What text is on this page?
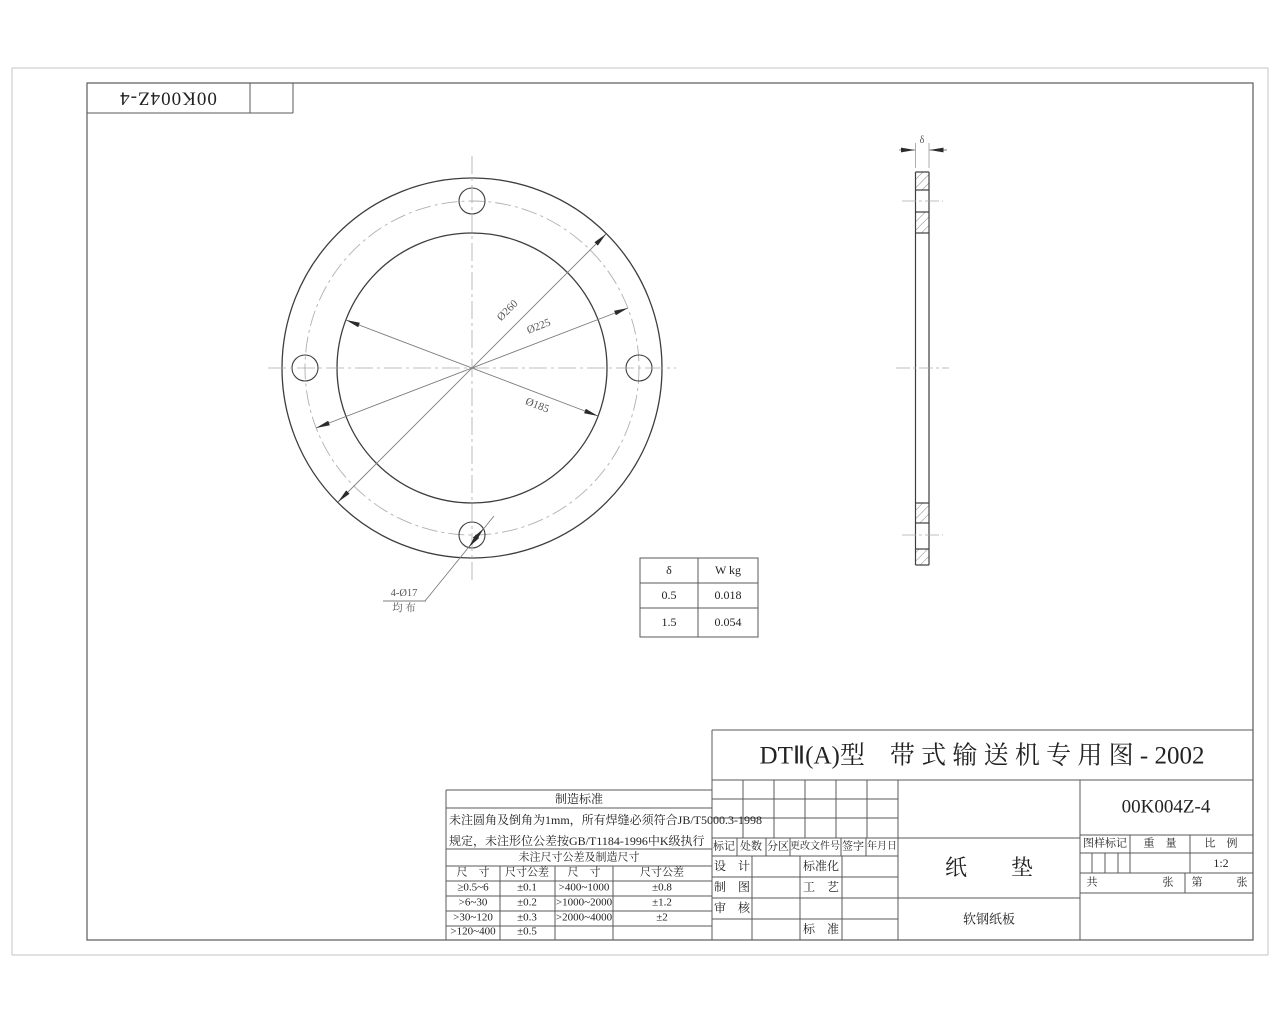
00K004Z-4
Ø260
Ø225
Ø185
4-Ø17
均 布
δ
δ	W kg
0.5	0.018
1.5	0.054
制造标准
未注圆角及倒角为1mm，所有焊缝必须符合JB/T5000.3-1998
规定，未注形位公差按GB/T1184-1996中K级执行
未注尺寸公差及制造尺寸
尺　寸 尺寸公差 尺　寸	尺寸公差
≥0.5~6	±0.1 >400~1000	±0.8
>6~30	±0.2 >1000~2000	±1.2
>30~120 ±0.3 >2000~4000	±2
>120~400 ±0.5
DTⅡ(A)型　带 式 输 送 机 专 用 图 - 2002
标记 处数 分区 更改文件号 签字 年月日
设　计	标准化
制　图	工　艺
审　核
标　准
纸　　垫
软钢纸板
00K004Z-4
图样标记 重　量	比　例
1:2
共	张 第	张
